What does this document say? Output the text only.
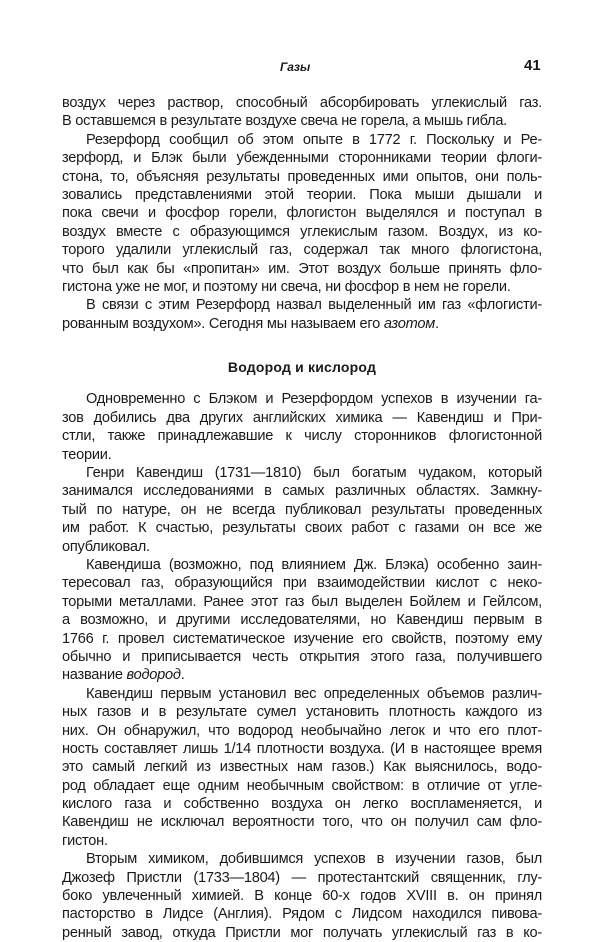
Газы	41
воздух через раствор, способный абсорбировать углекислый газ.
В оставшемся в результате воздухе свеча не горела, а мышь гибла.
Резерфорд сообщил об этом опыте в 1772 г. Поскольку и Ре-
зерфорд, и Блэк были убежденными сторонниками теории флоги-
стона, то, объясняя результаты проведенных ими опытов, они поль-
зовались представлениями этой теории. Пока мыши дышали и
пока свечи и фосфор горели, флогистон выделялся и поступал в
воздух вместе с образующимся углекислым газом. Воздух, из ко-
торого удалили углекислый газ, содержал так много флогистона,
что был как бы «пропитан» им. Этот воздух больше принять фло-
гистона уже не мог, и поэтому ни свеча, ни фосфор в нем не горели.
В связи с этим Резерфорд назвал выделенный им газ «флогисти-
рованным воздухом». Сегодня мы называем его азотом.
Водород и кислород
Одновременно с Блэком и Резерфордом успехов в изучении га-
зов добились два других английских химика — Кавендиш и При-
стли, также принадлежавшие к числу сторонников флогистонной
теории.
Генри Кавендиш (1731—1810) был богатым чудаком, который
занимался исследованиями в самых различных областях. Замкну-
тый по натуре, он не всегда публиковал результаты проведенных
им работ. К счастью, результаты своих работ с газами он все же
опубликовал.
Кавендиша (возможно, под влиянием Дж. Блэка) особенно заин-
тересовал газ, образующийся при взаимодействии кислот с неко-
торыми металлами. Ранее этот газ был выделен Бойлем и Гейлсом,
а возможно, и другими исследователями, но Кавендиш первым в
1766 г. провел систематическое изучение его свойств, поэтому ему
обычно и приписывается честь открытия этого газа, получившего
название водород.
Кавендиш первым установил вес определенных объемов различ-
ных газов и в результате сумел установить плотность каждого из
них. Он обнаружил, что водород необычайно легок и что его плот-
ность составляет лишь 1/14 плотности воздуха. (И в настоящее время
это самый легкий из известных нам газов.) Как выяснилось, водо-
род обладает еще одним необычным свойством: в отличие от угле-
кислого газа и собственно воздуха он легко воспламеняется, и
Кавендиш не исключал вероятности того, что он получил сам фло-
гистон.
Вторым химиком, добившимся успехов в изучении газов, был
Джозеф Пристли (1733—1804) — протестантский священник, глу-
боко увлеченный химией. В конце 60-х годов XVIII в. он принял
пасторство в Лидсе (Англия). Рядом с Лидсом находился пивова-
ренный завод, откуда Пристли мог получать углекислый газ в ко-
